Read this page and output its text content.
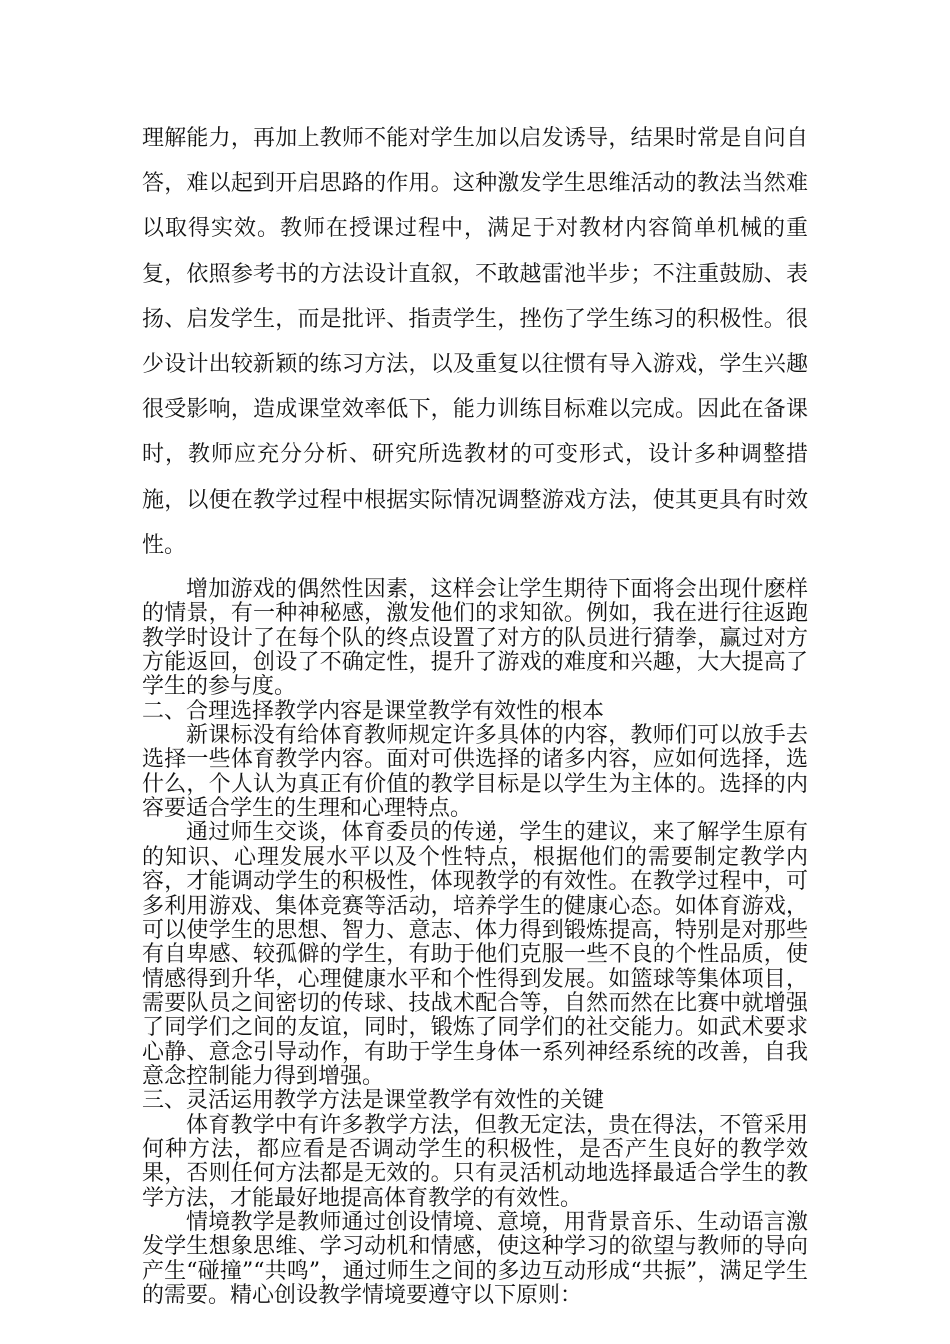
理解能力，再加上教师不能对学生加以启发诱导，结果时常是自问自答，难以起到开启思路的作用。这种激发学生思维活动的教法当然难以取得实效。教师在授课过程中，满足于对教材内容简单机械的重复，依照参考书的方法设计直叙，不敢越雷池半步；不注重鼓励、表扬、启发学生，而是批评、指责学生，挫伤了学生练习的积极性。很少设计出较新颖的练习方法，以及重复以往惯有导入游戏，学生兴趣很受影响，造成课堂效率低下，能力训练目标难以完成。因此在备课时，教师应充分分析、研究所选教材的可变形式，设计多种调整措施，以便在教学过程中根据实际情况调整游戏方法，使其更具有时效性。

增加游戏的偶然性因素，这样会让学生期待下面将会出现什麽样的情景，有一种神秘感，激发他们的求知欲。例如，我在进行往返跑教学时设计了在每个队的终点设置了对方的队员进行猜拳，赢过对方方能返回，创设了不确定性，提升了游戏的难度和兴趣，大大提高了学生的参与度。

二、合理选择教学内容是课堂教学有效性的根本

新课标没有给体育教师规定许多具体的内容，教师们可以放手去选择一些体育教学内容。面对可供选择的诸多内容，应如何选择，选什么，个人认为真正有价值的教学目标是以学生为主体的。选择的内容要适合学生的生理和心理特点。

通过师生交谈，体育委员的传递，学生的建议，来了解学生原有的知识、心理发展水平以及个性特点，根据他们的需要制定教学内容，才能调动学生的积极性，体现教学的有效性。在教学过程中，可多利用游戏、集体竞赛等活动，培养学生的健康心态。如体育游戏，可以使学生的思想、智力、意志、体力得到锻炼提高，特别是对那些有自卑感、较孤僻的学生，有助于他们克服一些不良的个性品质，使情感得到升华，心理健康水平和个性得到发展。如篮球等集体项目，需要队员之间密切的传球、技战术配合等，自然而然在比赛中就增强了同学们之间的友谊，同时，锻炼了同学们的社交能力。如武术要求心静、意念引导动作，有助于学生身体一系列神经系统的改善，自我意念控制能力得到增强。

三、灵活运用教学方法是课堂教学有效性的关键

体育教学中有许多教学方法，但教无定法，贵在得法，不管采用何种方法，都应看是否调动学生的积极性，是否产生良好的教学效果，否则任何方法都是无效的。只有灵活机动地选择最适合学生的教学方法，才能最好地提高体育教学的有效性。

情境教学是教师通过创设情境、意境，用背景音乐、生动语言激发学生想象思维、学习动机和情感，使这种学习的欲望与教师的导向产生“碰撞”“共鸣”，通过师生之间的多边互动形成“共振”，满足学生的需要。精心创设教学情境要遵守以下原则：
